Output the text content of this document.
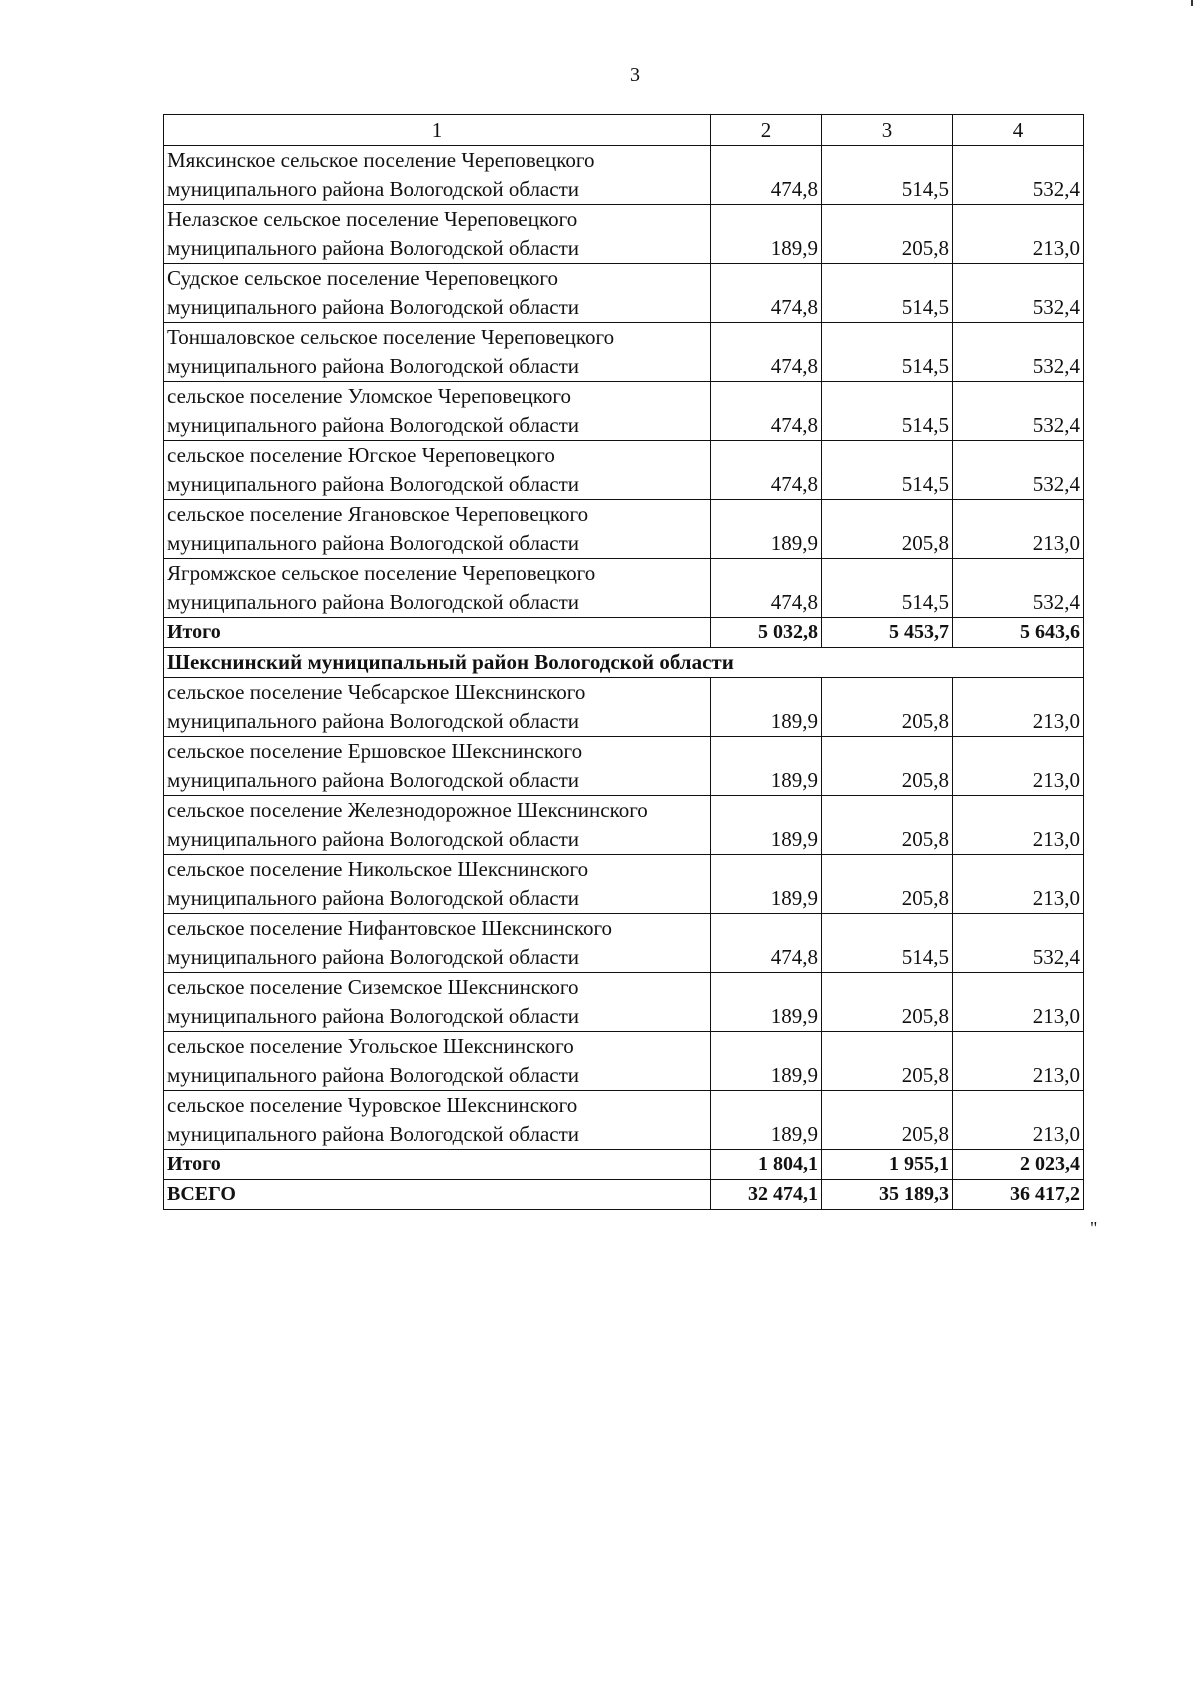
3
1	2	3	4
Мяксинское сельское поселение Череповецкого муниципального района Вологодской области	474,8	514,5	532,4
Нелазское сельское поселение Череповецкого муниципального района Вологодской области	189,9	205,8	213,0
Судское сельское поселение Череповецкого муниципального района Вологодской области	474,8	514,5	532,4
Тоншаловское сельское поселение Череповецкого муниципального района Вологодской области	474,8	514,5	532,4
сельское поселение Уломское Череповецкого муниципального района Вологодской области	474,8	514,5	532,4
сельское поселение Югское Череповецкого муниципального района Вологодской области	474,8	514,5	532,4
сельское поселение Ягановское Череповецкого муниципального района Вологодской области	189,9	205,8	213,0
Ягромжское сельское поселение Череповецкого муниципального района Вологодской области	474,8	514,5	532,4
Итого	5 032,8	5 453,7	5 643,6
Шекснинский муниципальный район Вологодской области			
сельское поселение Чебсарское Шекснинского муниципального района Вологодской области	189,9	205,8	213,0
сельское поселение Ершовское Шекснинского муниципального района Вологодской области	189,9	205,8	213,0
сельское поселение Железнодорожное Шекснинского муниципального района Вологодской области	189,9	205,8	213,0
сельское поселение Никольское Шекснинского муниципального района Вологодской области	189,9	205,8	213,0
сельское поселение Нифантовское Шекснинского муниципального района Вологодской области	474,8	514,5	532,4
сельское поселение Сиземское Шекснинского муниципального района Вологодской области	189,9	205,8	213,0
сельское поселение Угольское Шекснинского муниципального района Вологодской области	189,9	205,8	213,0
сельское поселение Чуровское Шекснинского муниципального района Вологодской области	189,9	205,8	213,0
Итого	1 804,1	1 955,1	2 023,4
ВСЕГО	32 474,1	35 189,3	36 417,2
"
